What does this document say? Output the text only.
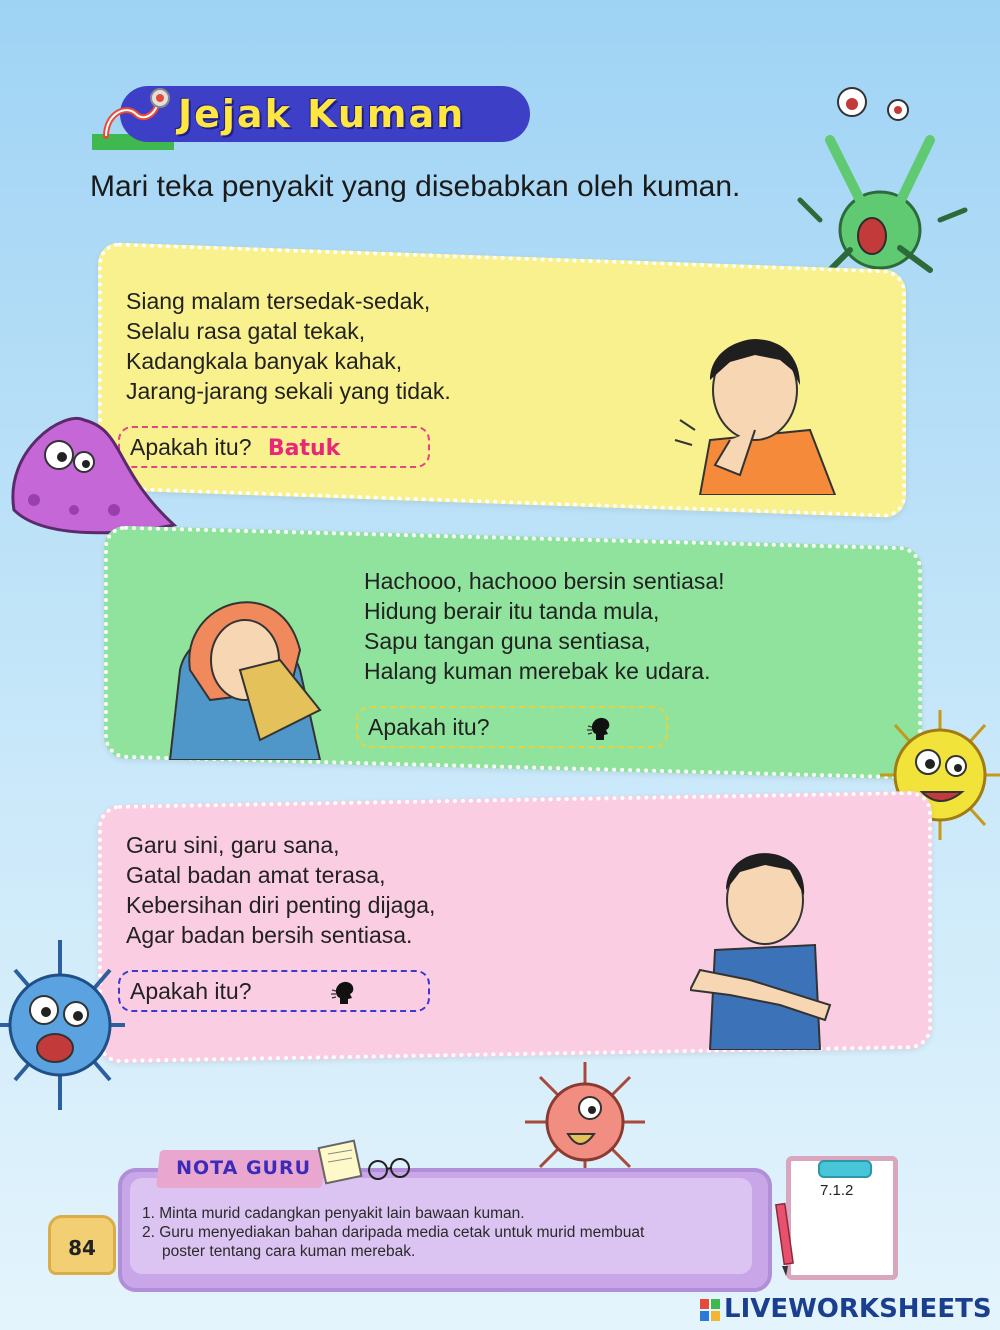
Jejak Kuman
Mari teka penyakit yang disebabkan oleh kuman.
Siang malam tersedak-sedak,
Selalu rasa gatal tekak,
Kadangkala banyak kahak,
Jarang-jarang sekali yang tidak.
Apakah itu? Batuk
Hachooo, hachooo bersin sentiasa!
Hidung berair itu tanda mula,
Sapu tangan guna sentiasa,
Halang kuman merebak ke udara.
Apakah itu?
Garu sini, garu sana,
Gatal badan amat terasa,
Kebersihan diri penting dijaga,
Agar badan bersih sentiasa.
Apakah itu?
NOTA GURU
1. Minta murid cadangkan penyakit lain bawaan kuman.
2. Guru menyediakan bahan daripada media cetak untuk murid membuat
poster tentang cara kuman merebak.
84
7.1.2
LIVEWORKSHEETS
